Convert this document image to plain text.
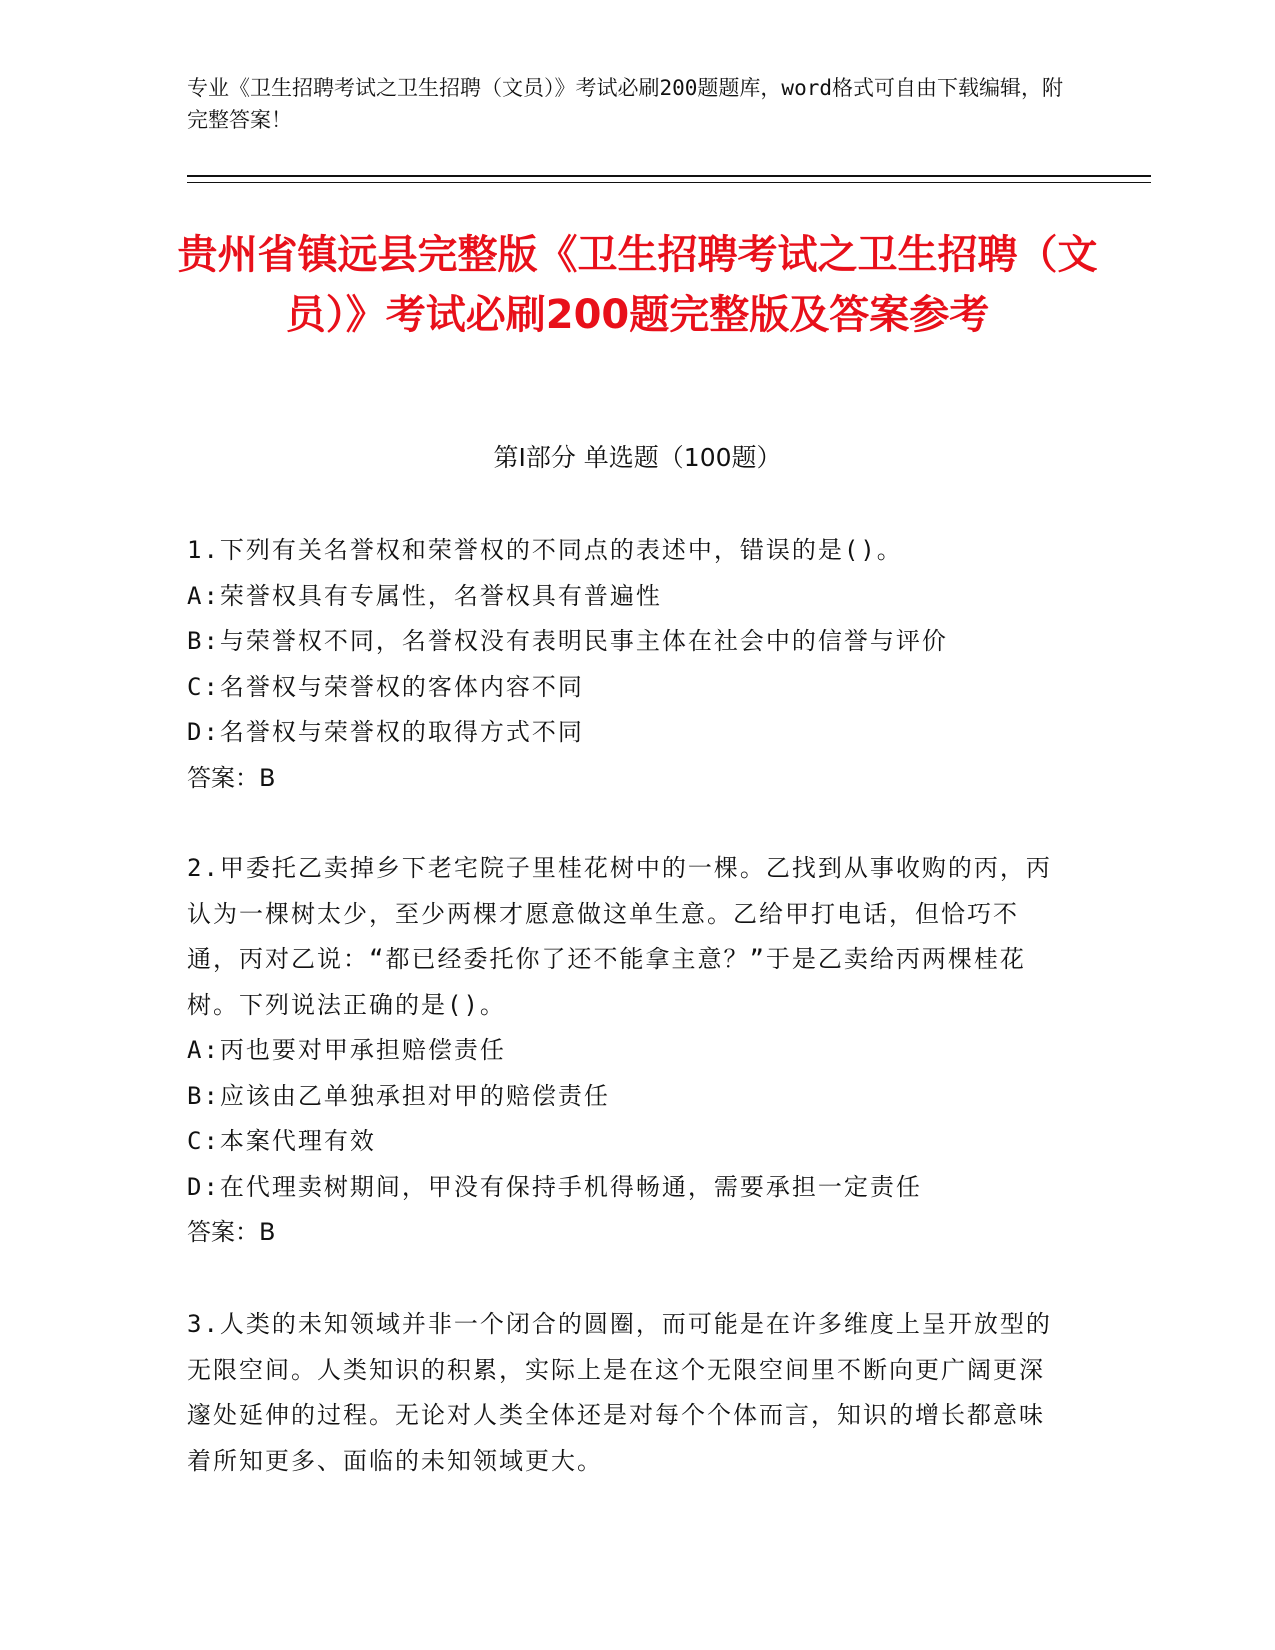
专业《卫生招聘考试之卫生招聘（文员）》考试必刷200题题库，word格式可自由下载编辑，附完整答案！
贵州省镇远县完整版《卫生招聘考试之卫生招聘（文员）》考试必刷200题完整版及答案参考
第Ⅰ部分 单选题（100题）
1.下列有关名誉权和荣誉权的不同点的表述中，错误的是()。
A:荣誉权具有专属性，名誉权具有普遍性
B:与荣誉权不同，名誉权没有表明民事主体在社会中的信誉与评价
C:名誉权与荣誉权的客体内容不同
D:名誉权与荣誉权的取得方式不同
答案：B
2.甲委托乙卖掉乡下老宅院子里桂花树中的一棵。乙找到从事收购的丙，丙认为一棵树太少，至少两棵才愿意做这单生意。乙给甲打电话，但恰巧不通，丙对乙说：“都已经委托你了还不能拿主意？”于是乙卖给丙两棵桂花树。下列说法正确的是()。
A:丙也要对甲承担赔偿责任
B:应该由乙单独承担对甲的赔偿责任
C:本案代理有效
D:在代理卖树期间，甲没有保持手机得畅通，需要承担一定责任
答案：B
3.人类的未知领域并非一个闭合的圆圈，而可能是在许多维度上呈开放型的无限空间。人类知识的积累，实际上是在这个无限空间里不断向更广阔更深邃处延伸的过程。无论对人类全体还是对每个个体而言，知识的增长都意味着所知更多、面临的未知领域更大。
